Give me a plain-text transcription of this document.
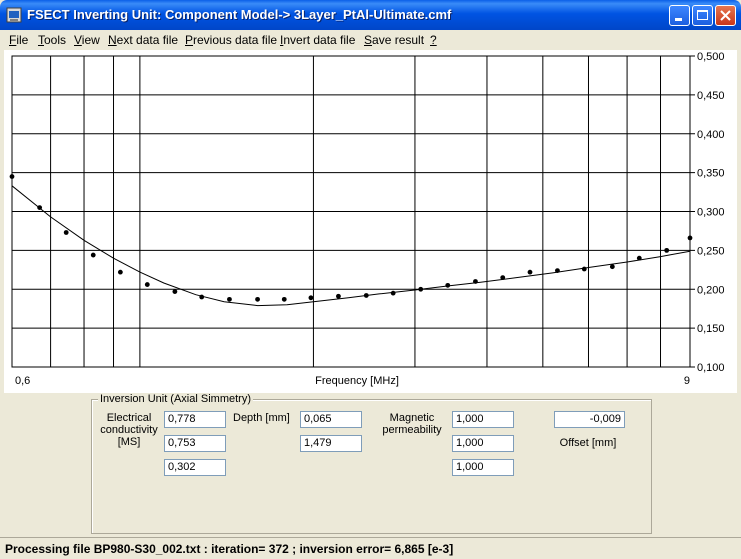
FSECT Inverting Unit: Component Model-> 3Layer_PtAl-Ultimate.cmf
File Tools View Next data file Previous data file Invert data file Save result ?
0,100
0,150
0,200
0,250
0,300
0,350
0,400
0,450
0,500
0,6	9
Frequency [MHz]
Inversion Unit (Axial Simmetry)
Electrical conductivity [MS]
0,778
0,753
0,302
Depth [mm]	0,065
1,479
Magnetic permeability
1,000
1,000
1,000
-0,009
Offset [mm]
Processing file BP980-S30_002.txt : iteration= 372 ; inversion error= 6,865 [e-3]
